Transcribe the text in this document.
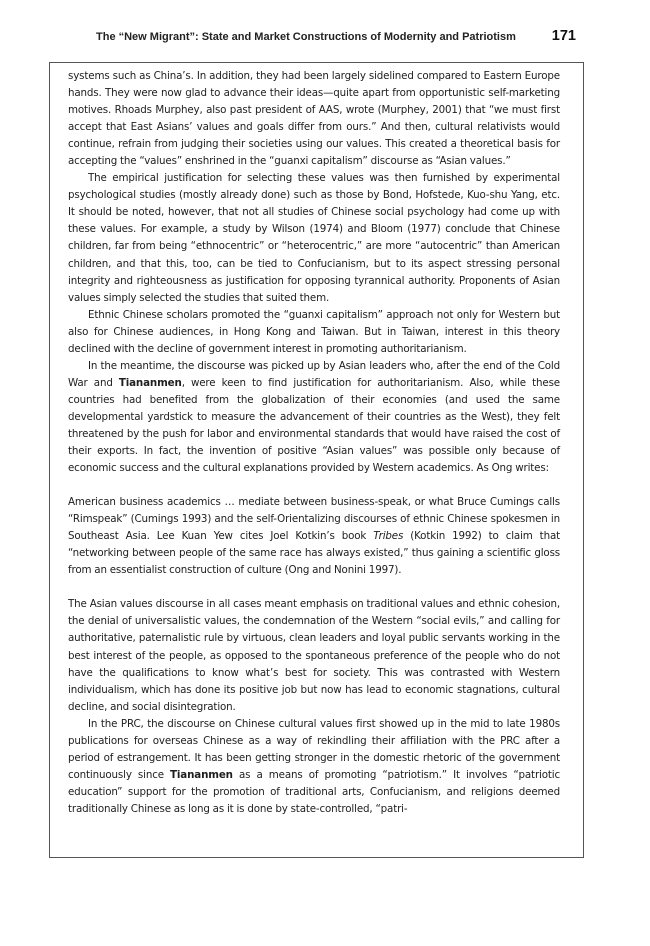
The “New Migrant”: State and Market Constructions of Modernity and Patriotism 171

systems such as China’s. In addition, they had been largely sidelined compared to Eastern Europe hands. They were now glad to advance their ideas—quite apart from opportunistic self-marketing motives. Rhoads Murphey, also past president of AAS, wrote (Murphey, 2001) that “we must first accept that East Asians’ values and goals differ from ours.” And then, cultural relativists would continue, refrain from judging their societies using our values. This created a theoretical basis for accepting the “values” enshrined in the “guanxi capitalism” discourse as “Asian values.”

The empirical justification for selecting these values was then furnished by experimental psychological studies (mostly already done) such as those by Bond, Hofstede, Kuo-shu Yang, etc. It should be noted, however, that not all studies of Chinese social psychology had come up with these values. For example, a study by Wilson (1974) and Bloom (1977) conclude that Chinese children, far from being “ethnocentric” or “heterocentric,” are more “autocentric” than American children, and that this, too, can be tied to Confucianism, but to its aspect stressing personal integrity and righteousness as justification for opposing tyrannical authority. Proponents of Asian values simply selected the studies that suited them.

Ethnic Chinese scholars promoted the “guanxi capitalism” approach not only for Western but also for Chinese audiences, in Hong Kong and Taiwan. But in Taiwan, interest in this theory declined with the decline of government interest in promoting authoritarianism.

In the meantime, the discourse was picked up by Asian leaders who, after the end of the Cold War and Tiananmen, were keen to find justification for authoritarianism. Also, while these countries had benefited from the globalization of their economies (and used the same developmental yardstick to measure the advancement of their countries as the West), they felt threatened by the push for labor and environmental standards that would have raised the cost of their exports. In fact, the invention of positive “Asian values” was possible only because of economic success and the cultural explanations provided by Western academics. As Ong writes:

American business academics … mediate between business-speak, or what Bruce Cumings calls “Rimspeak” (Cumings 1993) and the self-Orientalizing discourses of ethnic Chinese spokesmen in Southeast Asia. Lee Kuan Yew cites Joel Kotkin’s book Tribes (Kotkin 1992) to claim that “networking between people of the same race has always existed,” thus gaining a scientific gloss from an essentialist construction of culture (Ong and Nonini 1997).

The Asian values discourse in all cases meant emphasis on traditional values and ethnic cohesion, the denial of universalistic values, the condemnation of the Western “social evils,” and calling for authoritative, paternalistic rule by virtuous, clean leaders and loyal public servants working in the best interest of the people, as opposed to the spontaneous preference of the people who do not have the qualifications to know what’s best for society. This was contrasted with Western individualism, which has done its positive job but now has lead to economic stagnations, cultural decline, and social disintegration.

In the PRC, the discourse on Chinese cultural values first showed up in the mid to late 1980s publications for overseas Chinese as a way of rekindling their affiliation with the PRC after a period of estrangement. It has been getting stronger in the domestic rhetoric of the government continuously since Tiananmen as a means of promoting “patriotism.” It involves “patriotic education” support for the promotion of traditional arts, Confucianism, and religions deemed traditionally Chinese as long as it is done by state-controlled, “patri-
